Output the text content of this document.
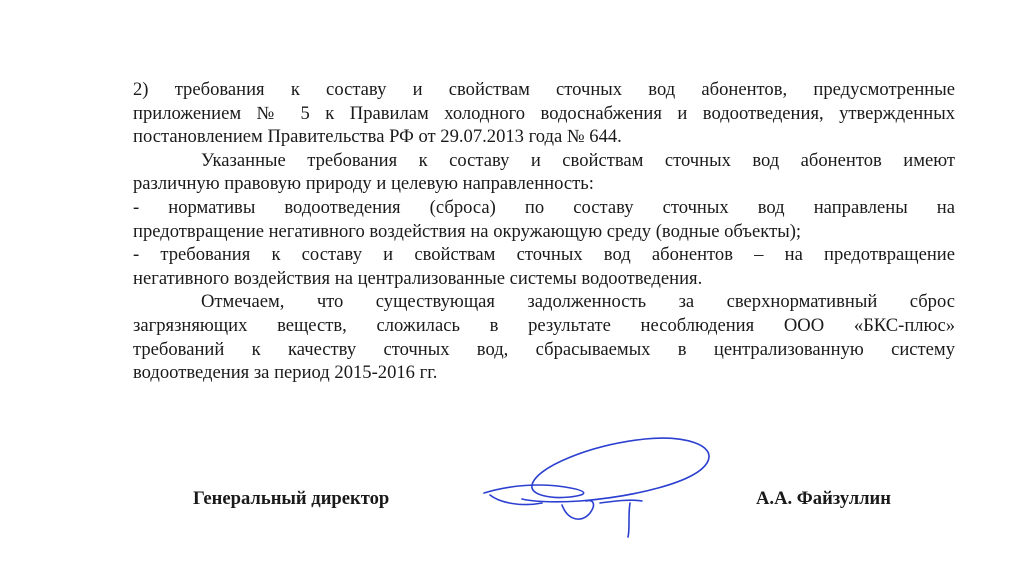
2) требования к составу и свойствам сточных вод абонентов, предусмотренные
приложением № 5 к Правилам холодного водоснабжения и водоотведения, утвержденных
постановлением Правительства РФ от 29.07.2013 года № 644.
Указанные требования к составу и свойствам сточных вод абонентов имеют
различную правовую природу и целевую направленность:
- нормативы водоотведения (сброса) по составу сточных вод направлены на
предотвращение негативного воздействия на окружающую среду (водные объекты);
- требования к составу и свойствам сточных вод абонентов – на предотвращение
негативного воздействия на централизованные системы водоотведения.
Отмечаем, что существующая задолженность за сверхнормативный сброс
загрязняющих веществ, сложилась в результате несоблюдения ООО «БКС-плюс»
требований к качеству сточных вод, сбрасываемых в централизованную систему
водоотведения за период 2015-2016 гг.
Генеральный директор	А.А. Файзуллин
